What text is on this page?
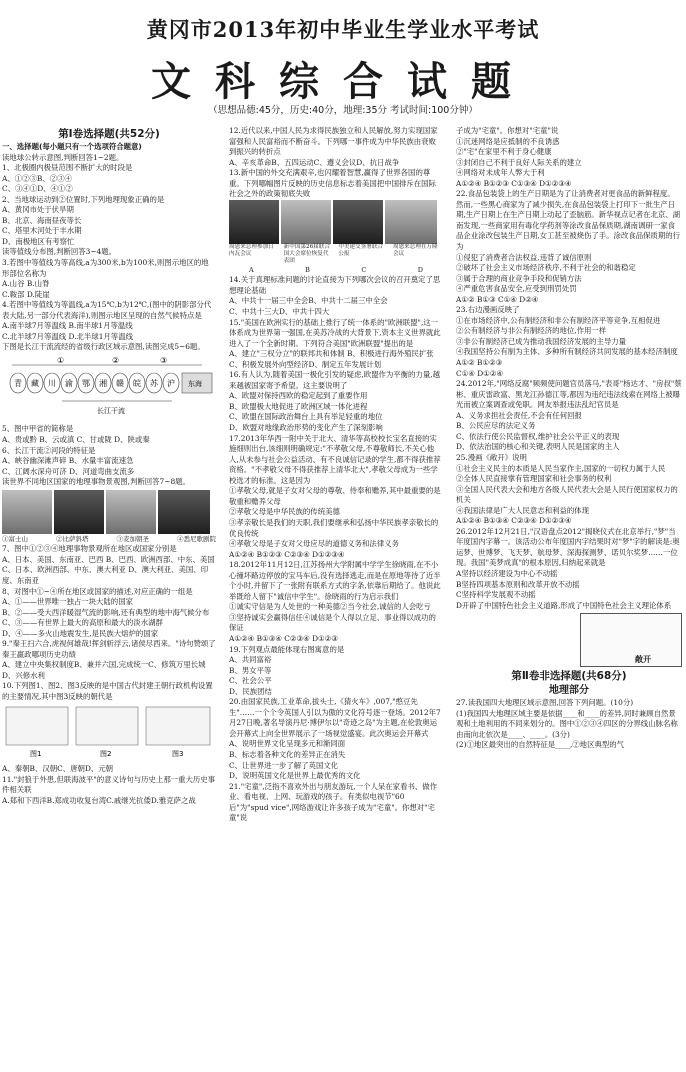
黄冈市2013年初中毕业生学业水平考试
文科综合试题
（思想品德:45分，历史:40分，地理:35分 考试时间:100分钟）
第Ⅰ卷选择题(共52分)

一、选择题(每小题只有一个选项符合题意)

读地球公转示意图,判断回答1~2题。

1、北极圈内极昼范围不断扩大的时段是

A、①②③B、②③④

C、③④①D、④①②

2、当地球运动到②位置时,下列地理现象正确的是

A、黄冈市处于伏旱期

B、北京、海南昼夜等长

C、塔里木河处于丰水期

D、南极地区有考察忙

读等值线分布图,判断回答3~4题。

3.若图中等值线为等高线,a为300米,b为100米,则图示地区的地形部位名称为

A.山谷 B.山脊

C.鞍部 D.陡崖

4.若图中等值线为等温线,a为15℃,b为12℃,(图中的阴影部分代表大陆,另一部分代表海洋),则图示地区呈现的自然气候特点是

A.南半球7月等温线 B.南半球1月等温线

C.北半球7月等温线 D.北半球1月等温线

下图是长江干流流经的省级行政区域示意图,读图完成5~6题。

①	②	③
青 藏 川 渝 鄂 湘 赣 皖 苏 沪 东海
长江干流

5、图中甲省的简称是

A、贵或黔 B、云或滇 C、甘或陇 D、陕或秦

6、长江干流②河段的特征是

A、峡谷幽深滩声碎 B、水量丰富流速急

C、江阔水深舟可济 D、河道弯曲支流多

读世界不同地区国家的地理事物景观图,判断回答7~8题。

①富士山	②比萨斜塔	③麦加朝圣	④悉尼歌剧院

7、图中①②③④地理事物景观所在地区或国家分别是

A、日本、美国、东南亚、巴西 B、巴西、欧洲西部、中东、美国

C、日本、欧洲西部、中东、澳大利亚 D、澳大利亚、美国、印度、东南亚

8、对图中①~④所在地区或国家的描述,对应正确的一组是

A、①——世界唯一独占一块大陆的国家

B、②——受大西洋暖湿气流的影响,还有典型的地中海气候分布

C、③——有世界上最大的高原和最大的淡水湖群

D、④——多火山地震发生,是民族大熔炉的国家

9."秦王扫六合,虎视何雄哉!挥剑斩浮云,诸侯尽西来。"诗句赞颂了秦王嬴政哪项历史功绩

A、建立中央集权制度B、兼并六国,完成统一C、修筑万里长城D、兴修水利

10.下列图1、图2、图3反映的是中国古代封建王朝行政机构设置的主要情况,其中图3反映的朝代是

图1	图2	图3

A、秦朝B、汉朝C、唐朝D、元朝

11."封狼于外患,但联海波平"的意义诗句与历史上那一重大历史事件相关联

A.郑和下西洋B.郑成功收复台湾C.戚继光抗倭D.雅克萨之战

12.近代以来,中国人民为求得民族独立和人民解放,努力实现国家富强和人民富裕而不断奋斗。下列哪一事件成为中华民族由衰败到振兴的转折点

A、辛亥革命B、五四运动C、遵义会议D、抗日战争

13.新中国的外交充满艰辛,也闪耀着智慧,赢得了世界各国的尊重。下列哪幅图片反映的历史信息标志着美国把中国排斥在国际社会之外的政策彻底失败

周恩来总理参加日内瓦会议
新中国第26届联合国大会席位恢复代表团
中美建交签署联合公报
周恩来总理在万隆会议
A	B	C	D

14.关于真理标准问题的讨论直接为下列哪次会议的召开奠定了思想理论基础

A、中共十一届三中全会B、中共十二届三中全会

C、中共十三大D、中共十四大

15."美国在欧洲实行的基础上推行了统一体系的"欧洲联盟",这一体系成为世界第一强国,在美苏冷战的大背景下,资本主义世界就此进入了一个全新时期。下列符合美国"欧洲联盟"提出的是

A、建立"三权分立"的联邦共和体制 B、积极进行海外殖民扩张

C、积极发展外向型经济D、制定五年发展计划

16.有人认为,随着美国一极化引发的疑虑,欧盟作为平衡的力量,越来越被国家寄予希望。这主要说明了

A、欧盟对保持西欧的稳定起到了重要作用

B、欧盟极大地促进了欧洲区域一体化进程

C、欧盟在国际政治舞台上具有举足轻重的地位

D、欧盟对地缘政治形势的变化产生了深刻影响

17.2013年华西一附中关于北大、清华等高校校长宝名直接的实施细则出台,该细则明确规定:"不孝敬父母,不尊敬师长,不关心他人,从未参与社会公益活动、有不良诚信记录的学生,都不得获推荐资格。"不孝敬父母不得获推荐上清华北大",孝敬父母成为一些学校选才的标准。这是因为

①孝敬父母,就是子女对父母的尊敬、侍奉和赡养,其中最重要的是敬重和赡养父母

②孝敬父母是中华民族的传统美德

③孝亲敬长是我们的天职,我们要继承和弘扬中华民族孝亲敬长的优良传统

④孝敬父母是子女对父母应尽的道德义务和法律义务

A①②④ B①②③ C②③④ D①②③④

18.2012年11月12日,江苏扬州大学附属中学学生徐晓雨,在不小心撞坏路边停放的宝马车后,没有选择逃走,而是在原地等待了近半个小时,并留下了一张附有联系方式的字条,依靠后期给了。他说此举既给人留下"诚信中学生"。徐晓雨的行为启示我们

①诚实守信是为人处世的一种美德②当今社会,诚信的人会吃亏

③坚持诚实会赢得信任④诚信是个人得以立足、事业得以成功的保证

A①②④ B①③④ C②③④ D①②③

19.下列观点最能体现右图寓意的是

A、共同富裕

B、男女平等

C、社会公平

D、民族团结

20.由国家民族,工业革命,拔头士,《猜火车》,007,"憨豆先生"……一个个令英国人引以为傲的文化符号逐一登场。2012年7月27日晚,著名导演丹尼·博伊尔以"奇迹之岛"为主题,在伦敦奥运会开幕式上向全世界展示了一场视觉盛宴。此次奥运会开幕式

A、说明世界文化呈现多元和渐同面

B、标志着各种文化的差异正在消失

C、让世界进一步了解了英国文化

D、说明英国文化是世界上最优秀的文化

21."宅童",泛指不喜欢外出与朋友游玩,一个人呆在家看书、做作业、看电视、上网、玩游戏的孩子。有类似电视节"60后"为"spud vice",网络游戏让许多孩子成为"宅童"。你想对"宅童"说

子成为"宅童"。你想对"宅童"说

①沉迷网络是应抵制的不良诱惑

②"宅"在家里不利于身心健康

③封闭自己不利于良好人际关系的建立

④网络对未成年人弊大于利

A①②④ B①②③ C①③④ D①②③④

22.食品包装袋上的生产日期是为了让消费者对更食品的新鲜程度。然而,一些黑心商家为了减少损失,在食品包装袋上打印下一批生产日期,生产日期上在生产日期上动起了歪脑筋。新华视点记者在北京、湖南发现,一些商家用有毒化学药剂等涂改食品保质期,湖南调研一家食品企业涂改包装生产日期,女工甚至被烧伤了手。涂改食品保质期的行为

①侵犯了消费者合法权益,违背了诚信原则

②破坏了社会主义市场经济秩序,不利于社会的和谐稳定

③属于合理的商业竞争手段和促销方法

④严重危害食品安全,应受到刑罚处罚

A①② B①③ C①④ D②④

23.右边漫画反映了

①在市场经济中,公有制经济和非公有制经济平等竞争,互相促进

②公有制经济与非公有制经济的地位,作用一样

③非公有制经济已成为推动我国经济发展的主导力量

④我国坚持公有制为主体、多种所有制经济共同发展的基本经济制度

A①② B①②③

C①④ D①②④

24.2012年,"网络反腐"频频使问题官员落马,"表哥"杨达才、"房叔"蔡彬、重庆雷政富、黑龙江孙德江等,都因为违纪违法线索在网络上被曝光而被立案调查或免职。网友举报违法乱纪官员是

A、义务求担社会责任,不会有任何回报

B、公民应尽的法定义务

C、依法行使公民监督权,维护社会公平正义的表现

D、依法治国的核心和关键,表明人民是国家的主人

25.漫画《敞开》说明

①社会主义民主的本质是人民当家作主,国家的一切权力属于人民

②全体人民直接掌有管理国家和社会事务的权利

③全国人民代表大会和地方各级人民代表大会是人民行使国家权力的机关

④我国法律是广大人民意志和利益的体现

A①②④ B①③④ C②③④ D①②③④

26.2012年12月21日,"汉语盘点2012"揭晓仪式在北京举行,"梦"当年度国内字幕一。该活动公布年度国内字结果时对"梦"字的解读是:奥运梦、世博梦、飞天梦、航母梦、深海探测梦、诺贝尔奖梦……一位现。我国"美梦成真"的根本原因,归纳起来就是

A坚持以经济建设为中心不动摇

B坚持四项基本原则和改革开放不动摇

C坚持科学发展观不动摇

D开辟了中国特色社会主义道路,形成了中国特色社会主义理论体系

敞开
第Ⅱ卷非选择题(共68分)
地理部分

27.读我国四大地理区域示意图,回答下列问题。(10分)

(1)我国四大地理区域主要是依据____和____的差异,同时兼顾自然景观和土地利用的不同来划分的。图中①②③④四区的分界线山脉名称由南向北依次是____、____。(3分)

(2)①地区最突出的自然特征是____,②地区典型的气
